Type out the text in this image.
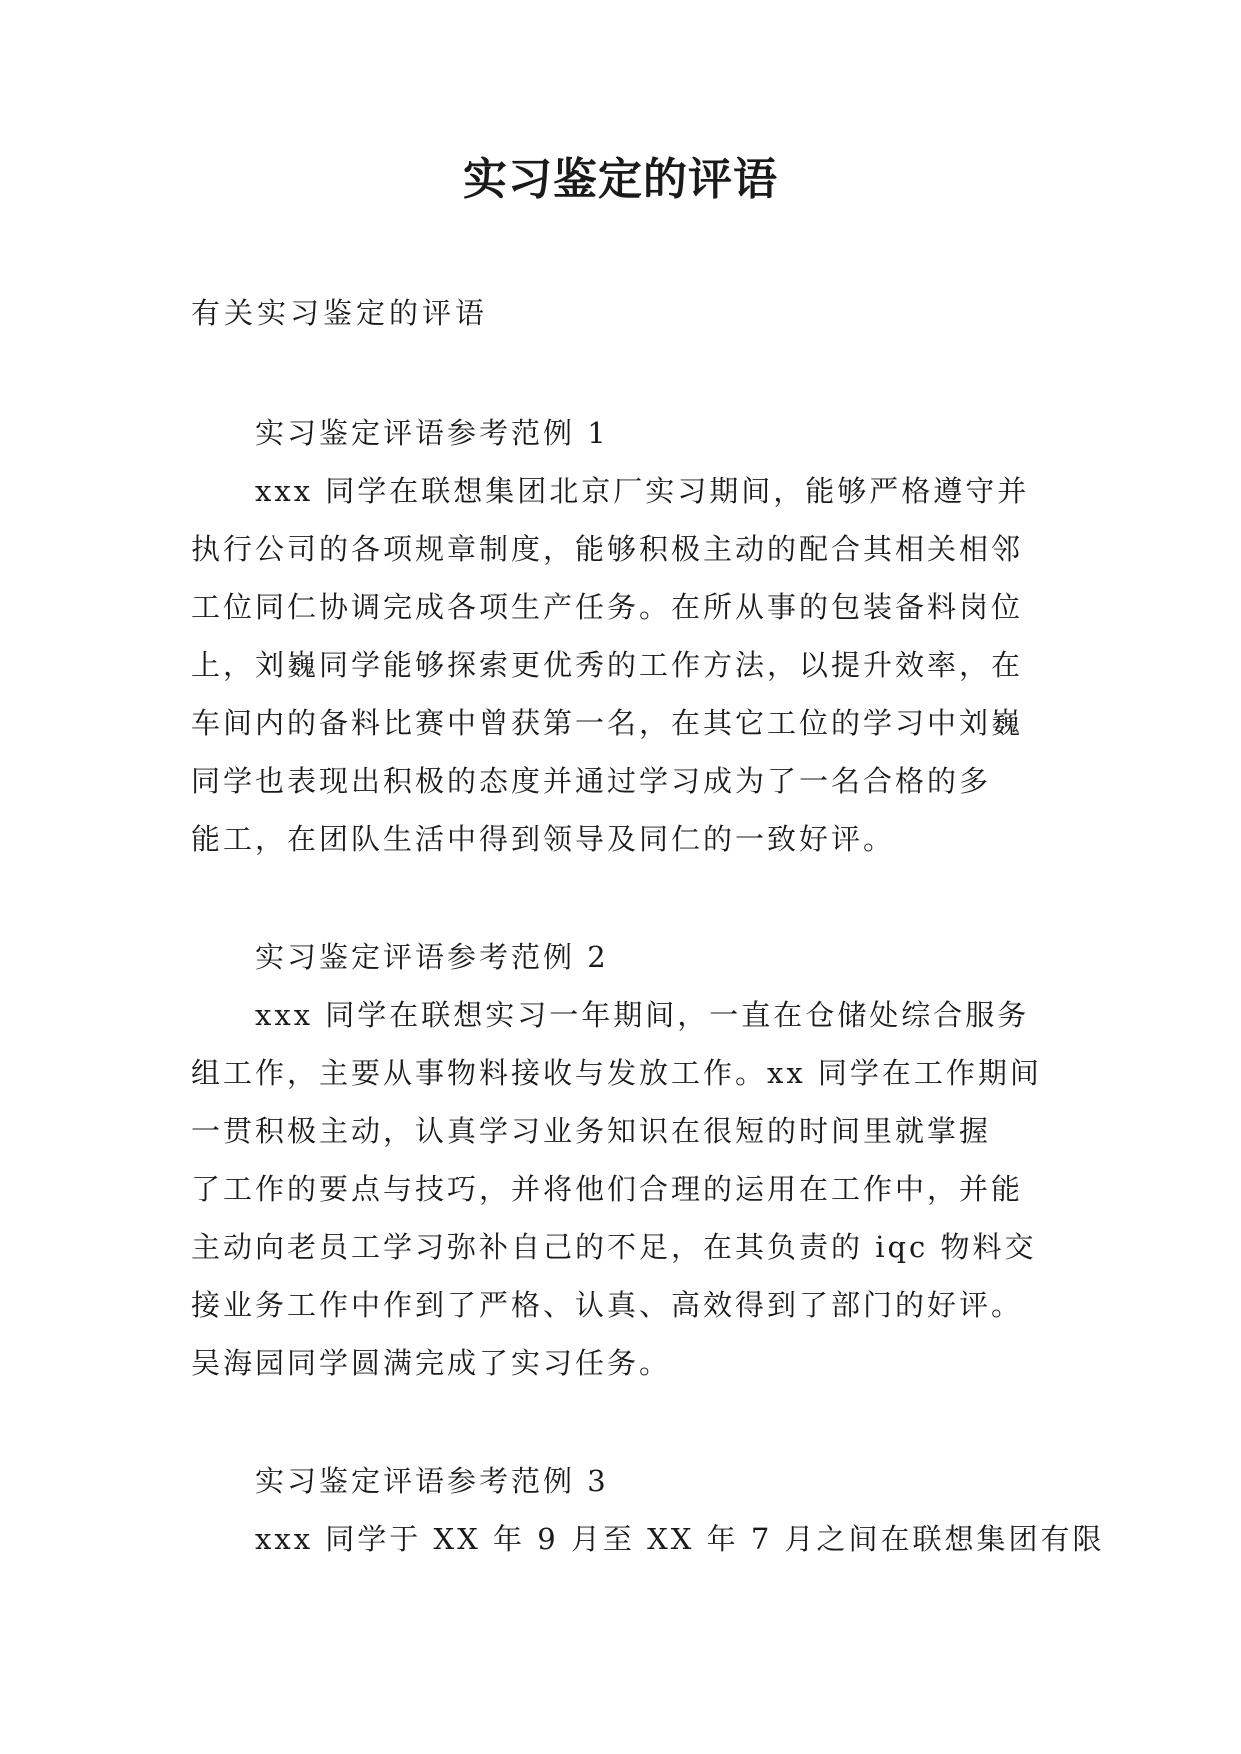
实习鉴定的评语

有关实习鉴定的评语

实习鉴定评语参考范例 1

xxx 同学在联想集团北京厂实习期间，能够严格遵守并
执行公司的各项规章制度，能够积极主动的配合其相关相邻
工位同仁协调完成各项生产任务。在所从事的包装备料岗位
上，刘巍同学能够探索更优秀的工作方法，以提升效率，在
车间内的备料比赛中曾获第一名，在其它工位的学习中刘巍
同学也表现出积极的态度并通过学习成为了一名合格的多
能工，在团队生活中得到领导及同仁的一致好评。

实习鉴定评语参考范例 2

xxx 同学在联想实习一年期间，一直在仓储处综合服务
组工作，主要从事物料接收与发放工作。xx 同学在工作期间
一贯积极主动，认真学习业务知识在很短的时间里就掌握
了工作的要点与技巧，并将他们合理的运用在工作中，并能
主动向老员工学习弥补自己的不足，在其负责的 iqc 物料交
接业务工作中作到了严格、认真、高效得到了部门的好评。
吴海园同学圆满完成了实习任务。

实习鉴定评语参考范例 3

xxx 同学于 XX 年 9 月至 XX 年 7 月之间在联想集团有限
